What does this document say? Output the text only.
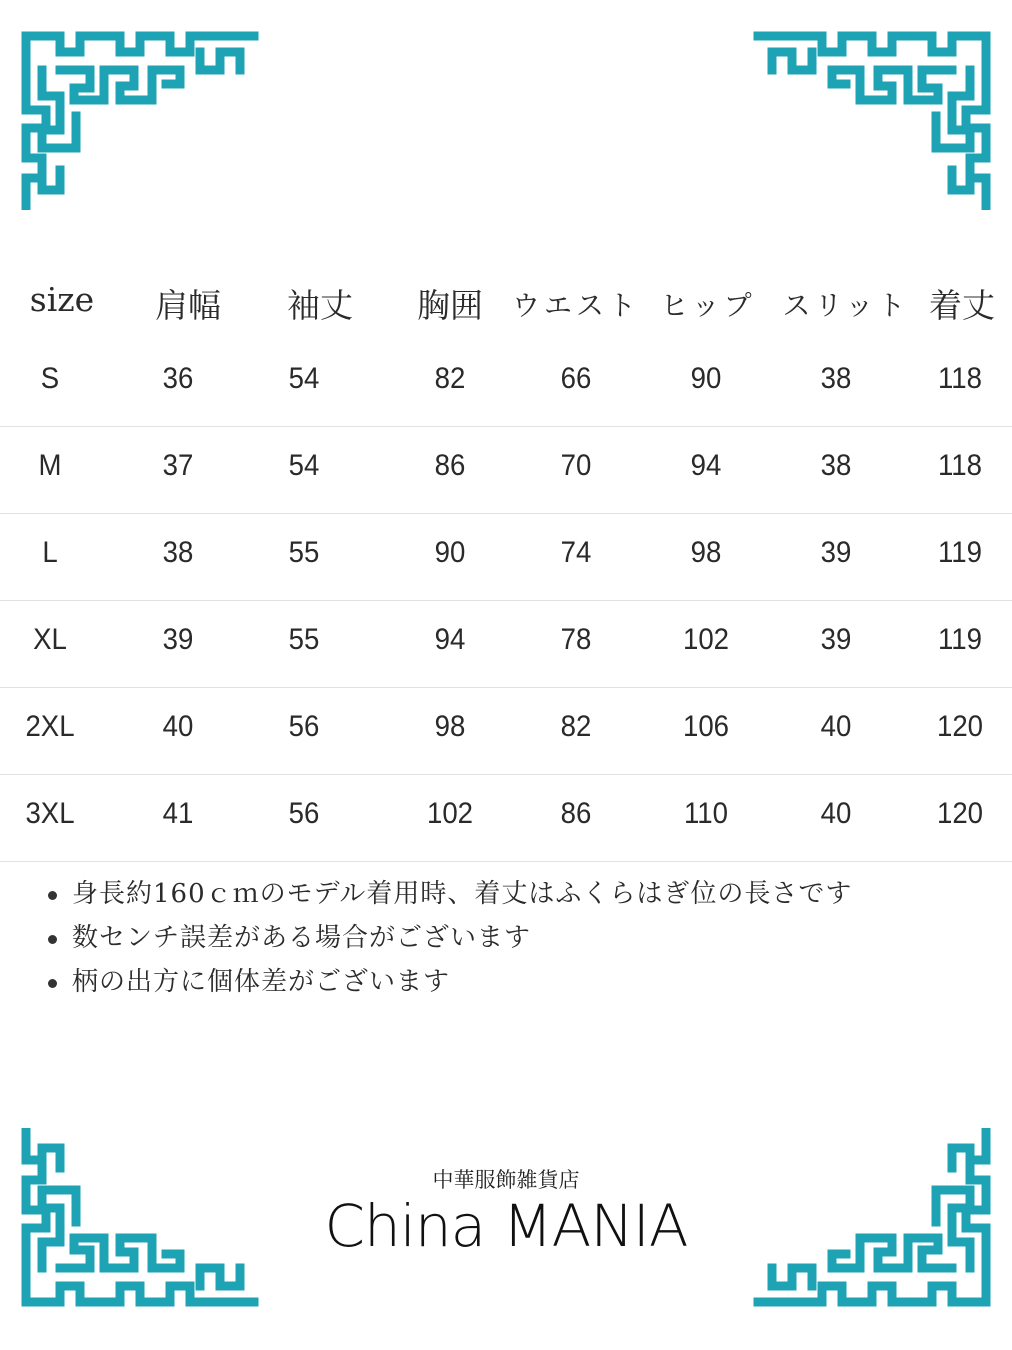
size 肩幅 袖丈 胸囲 ウエスト ヒップ スリット 着丈
S	36	54	82	66	90	38	118
M	37	54	86	70	94	38	118
L	38	55	90	74	98	39	119
XL	39	55	94	78	102	39	119
2XL	40	56	98	82	106	40	120
3XL	41	56	102	86	110	40	120
身長約160ｃｍのモデル着用時、着丈はふくらはぎ位の長さです
数センチ誤差がある場合がございます
柄の出方に個体差がございます
中華服飾雑貨店
China MANIA
